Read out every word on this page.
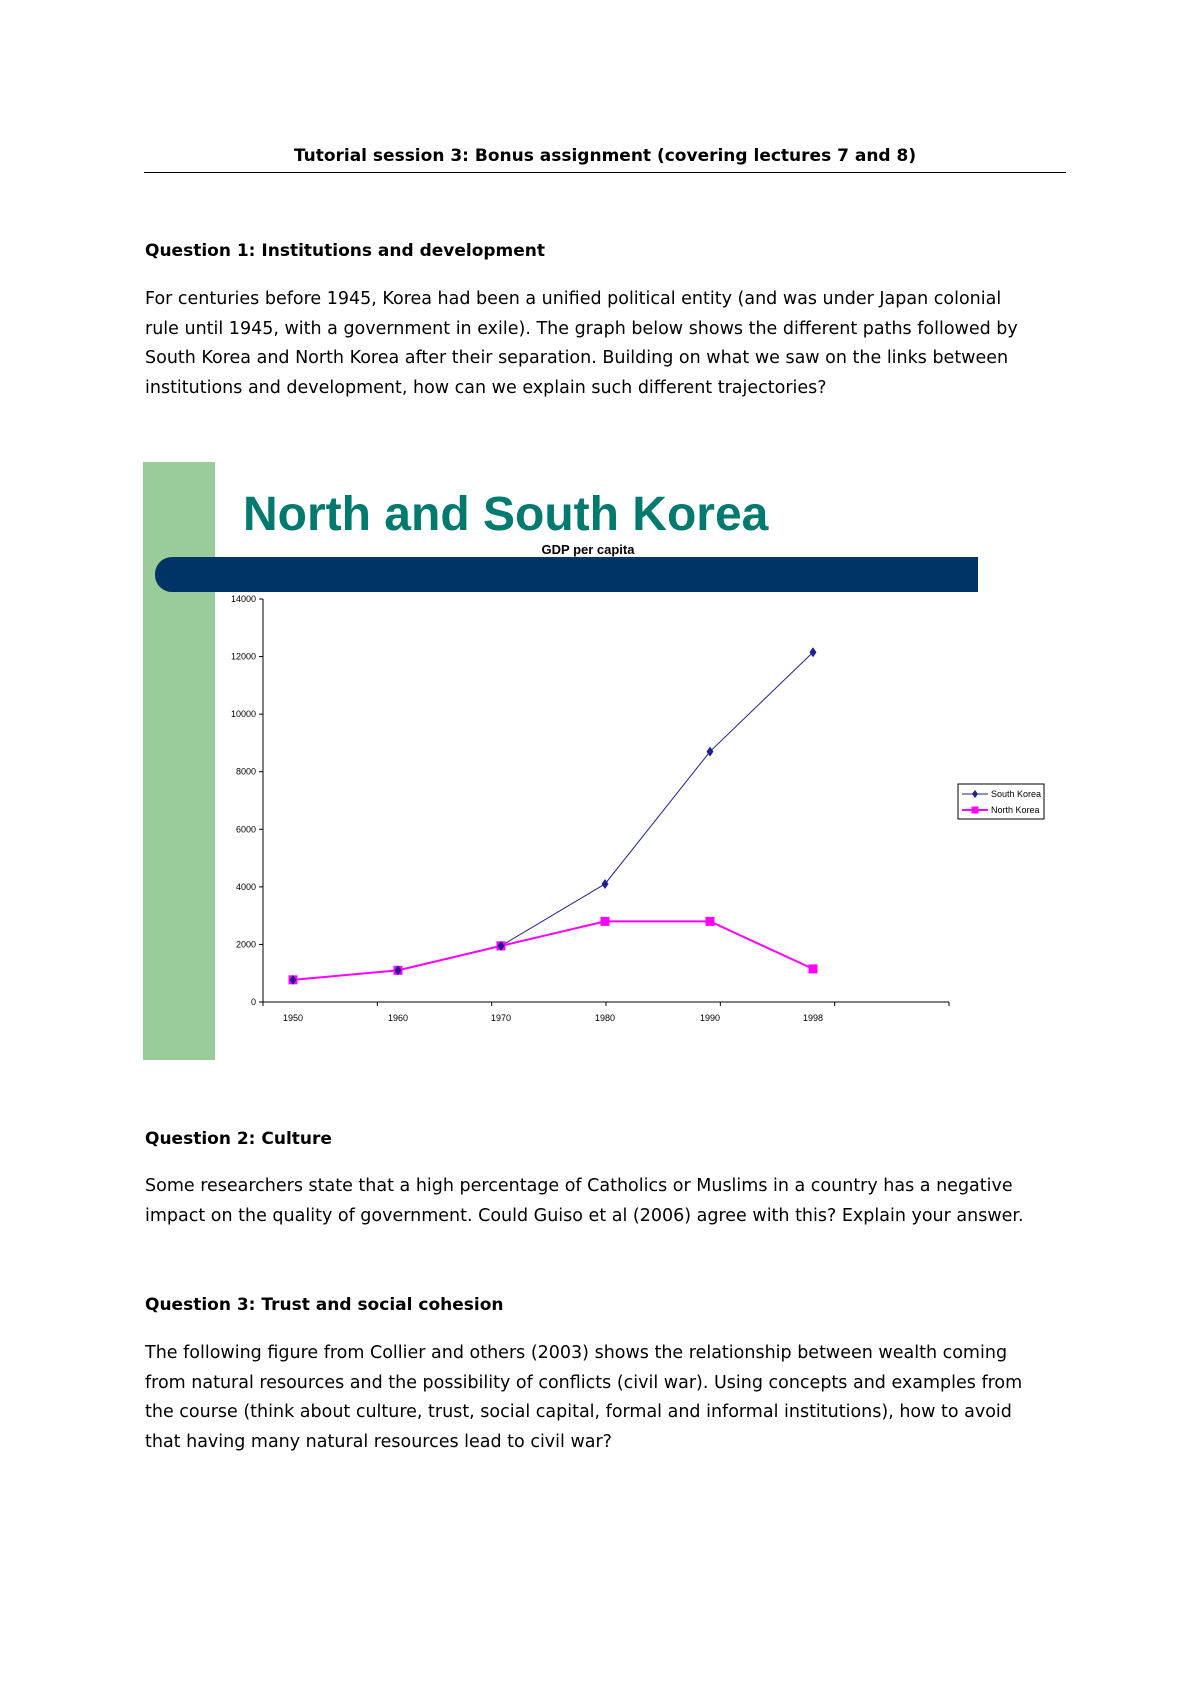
Tutorial session 3: Bonus assignment (covering lectures 7 and 8)
Question 1: Institutions and development

For centuries before 1945, Korea had been a unified political entity (and was under Japan colonial
rule until 1945, with a government in exile). The graph below shows the different paths followed by
South Korea and North Korea after their separation. Building on what we saw on the links between
institutions and development, how can we explain such different trajectories?

North and South Korea
GDP per capita
0
2000
4000
6000
8000
10000
12000
14000
1950	1960	1970	1980	1990	1998
South Korea
North Korea
Question 2: Culture

Some researchers state that a high percentage of Catholics or Muslims in a country has a negative
impact on the quality of government. Could Guiso et al (2006) agree with this? Explain your answer.

Question 3: Trust and social cohesion

The following figure from Collier and others (2003) shows the relationship between wealth coming
from natural resources and the possibility of conflicts (civil war). Using concepts and examples from
the course (think about culture, trust, social capital, formal and informal institutions), how to avoid
that having many natural resources lead to civil war?
